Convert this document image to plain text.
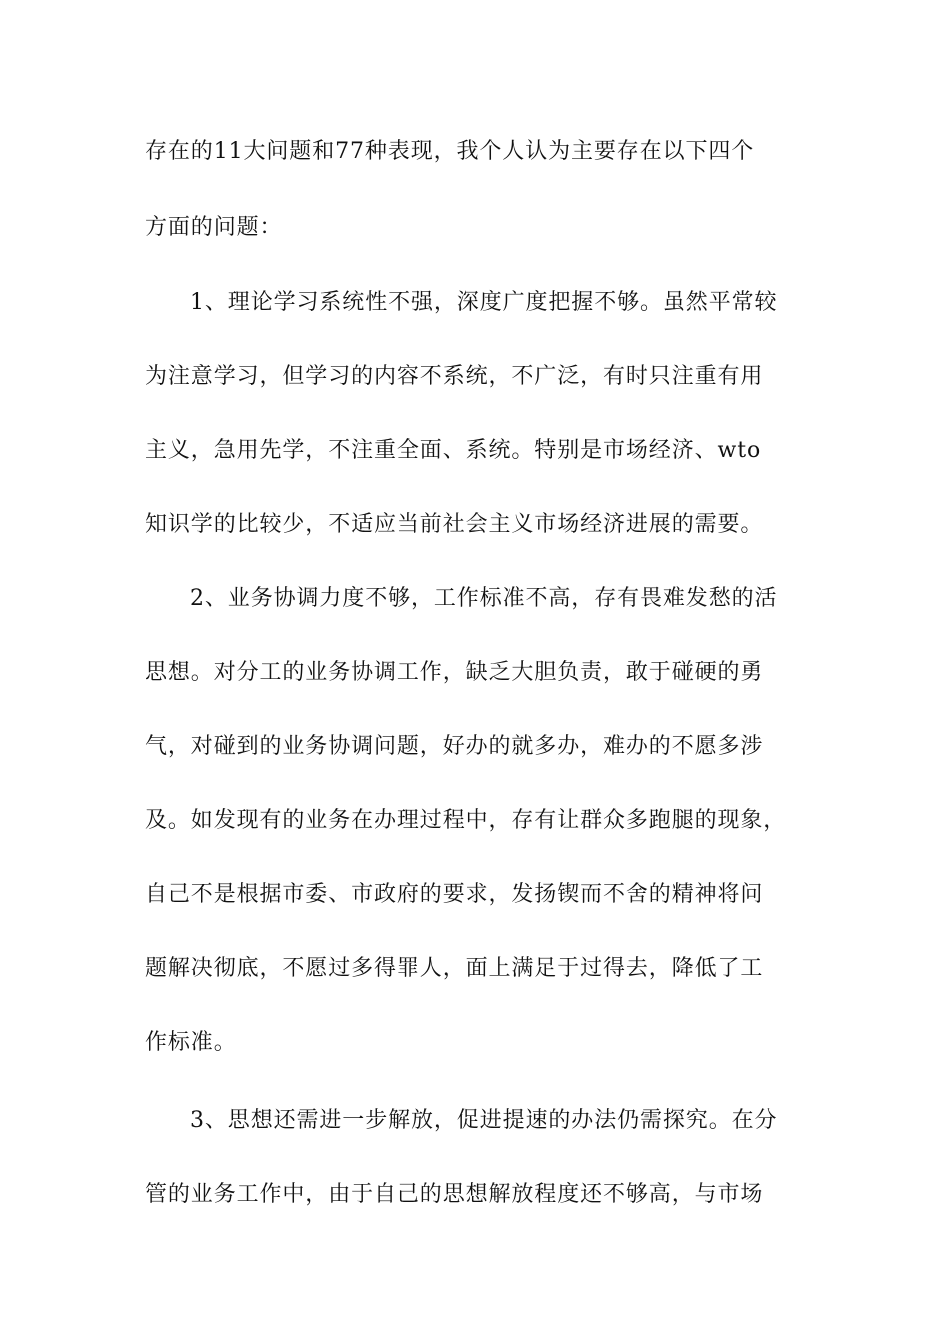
存在的11大问题和77种表现，我个人认为主要存在以下四个
方面的问题：
1、理论学习系统性不强，深度广度把握不够。虽然平常较
为注意学习，但学习的内容不系统，不广泛，有时只注重有用
主义，急用先学，不注重全面、系统。特别是市场经济、wto
知识学的比较少，不适应当前社会主义市场经济进展的需要。
2、业务协调力度不够，工作标准不高，存有畏难发愁的活
思想。对分工的业务协调工作，缺乏大胆负责，敢于碰硬的勇
气，对碰到的业务协调问题，好办的就多办，难办的不愿多涉
及。如发现有的业务在办理过程中，存有让群众多跑腿的现象，
自己不是根据市委、市政府的要求，发扬锲而不舍的精神将问
题解决彻底，不愿过多得罪人，面上满足于过得去，降低了工
作标准。
3、思想还需进一步解放，促进提速的办法仍需探究。在分
管的业务工作中，由于自己的思想解放程度还不够高，与市场
